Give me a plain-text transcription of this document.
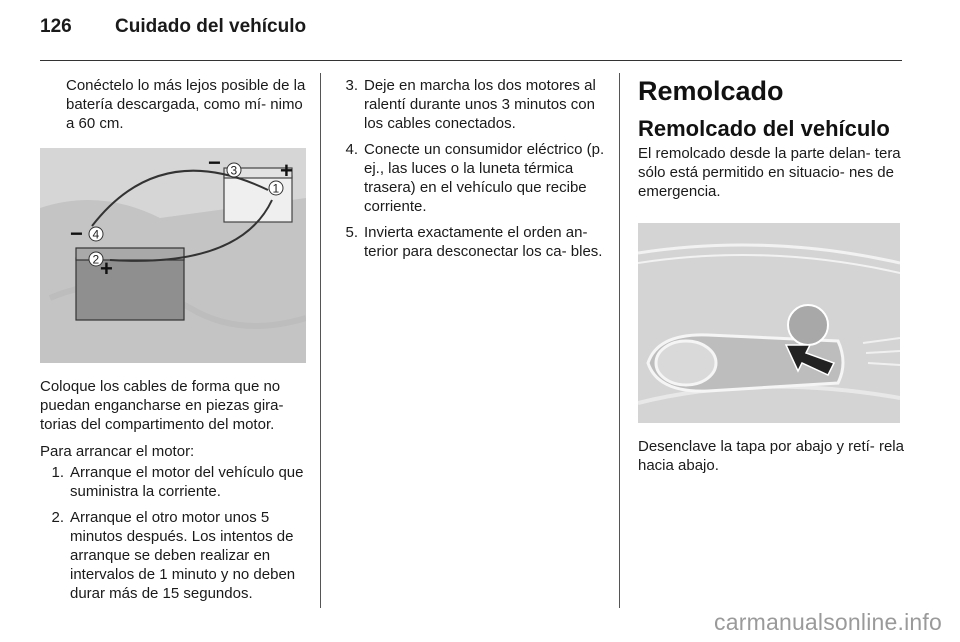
126 Cuidado del vehículo

Conéctelo lo más lejos posible de la batería descargada, como mí‐ nimo a 60 cm.

1
2
3
4
+
+
−
−

Coloque los cables de forma que no puedan engancharse en piezas gira‐ torias del compartimento del motor.

Para arrancar el motor:

1. Arranque el motor del vehículo que suministra la corriente.
2. Arranque el otro motor unos 5 minutos después. Los intentos de arranque se deben realizar en intervalos de 1 minuto y no deben durar más de 15 segundos.
3. Deje en marcha los dos motores al ralentí durante unos 3 minutos con los cables conectados.
4. Conecte un consumidor eléctrico (p. ej., las luces o la luneta térmica trasera) en el vehículo que recibe corriente.
5. Invierta exactamente el orden an‐ terior para desconectar los ca‐ bles.
Remolcado
Remolcado del vehículo

El remolcado desde la parte delan‐ tera sólo está permitido en situacio‐ nes de emergencia.

Desenclave la tapa por abajo y retí‐ rela hacia abajo.

carmanualsonline.info
